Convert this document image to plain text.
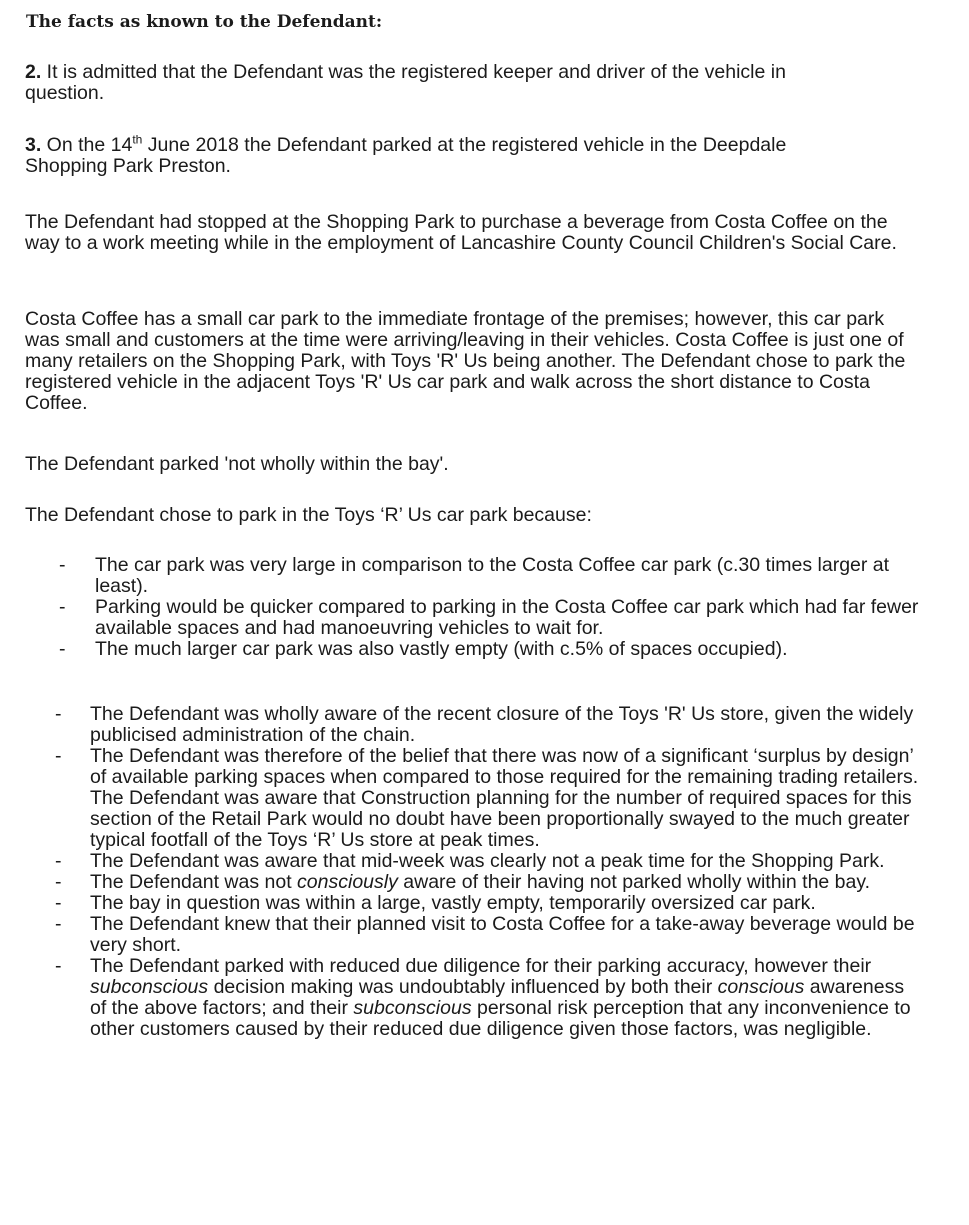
The facts as known to the Defendant:

2. It is admitted that the Defendant was the registered keeper and driver of the vehicle in question.

3. On the 14th June 2018 the Defendant parked at the registered vehicle in the Deepdale Shopping Park Preston.

The Defendant had stopped at the Shopping Park to purchase a beverage from Costa Coffee on the way to a work meeting while in the employment of Lancashire County Council Children's Social Care.

Costa Coffee has a small car park to the immediate frontage of the premises; however, this car park was small and customers at the time were arriving/leaving in their vehicles. Costa Coffee is just one of many retailers on the Shopping Park, with Toys 'R' Us being another. The Defendant chose to park the registered vehicle in the adjacent Toys 'R' Us car park and walk across the short distance to Costa Coffee.

The Defendant parked 'not wholly within the bay'.

The Defendant chose to park in the Toys ‘R’ Us car park because:

- The car park was very large in comparison to the Costa Coffee car park (c.30 times larger at least).
- Parking would be quicker compared to parking in the Costa Coffee car park which had far fewer available spaces and had manoeuvring vehicles to wait for.
- The much larger car park was also vastly empty (with c.5% of spaces occupied).
- The Defendant was wholly aware of the recent closure of the Toys 'R' Us store, given the widely publicised administration of the chain.
- The Defendant was therefore of the belief that there was now of a significant ‘surplus by design’ of available parking spaces when compared to those required for the remaining trading retailers. The Defendant was aware that Construction planning for the number of required spaces for this section of the Retail Park would no doubt have been proportionally swayed to the much greater typical footfall of the Toys ‘R’ Us store at peak times.
- The Defendant was aware that mid-week was clearly not a peak time for the Shopping Park.
- The Defendant was not consciously aware of their having not parked wholly within the bay.
- The bay in question was within a large, vastly empty, temporarily oversized car park.
- The Defendant knew that their planned visit to Costa Coffee for a take-away beverage would be very short.
- The Defendant parked with reduced due diligence for their parking accuracy, however their subconscious decision making was undoubtably influenced by both their conscious awareness of the above factors; and their subconscious personal risk perception that any inconvenience to other customers caused by their reduced due diligence given those factors, was negligible.
